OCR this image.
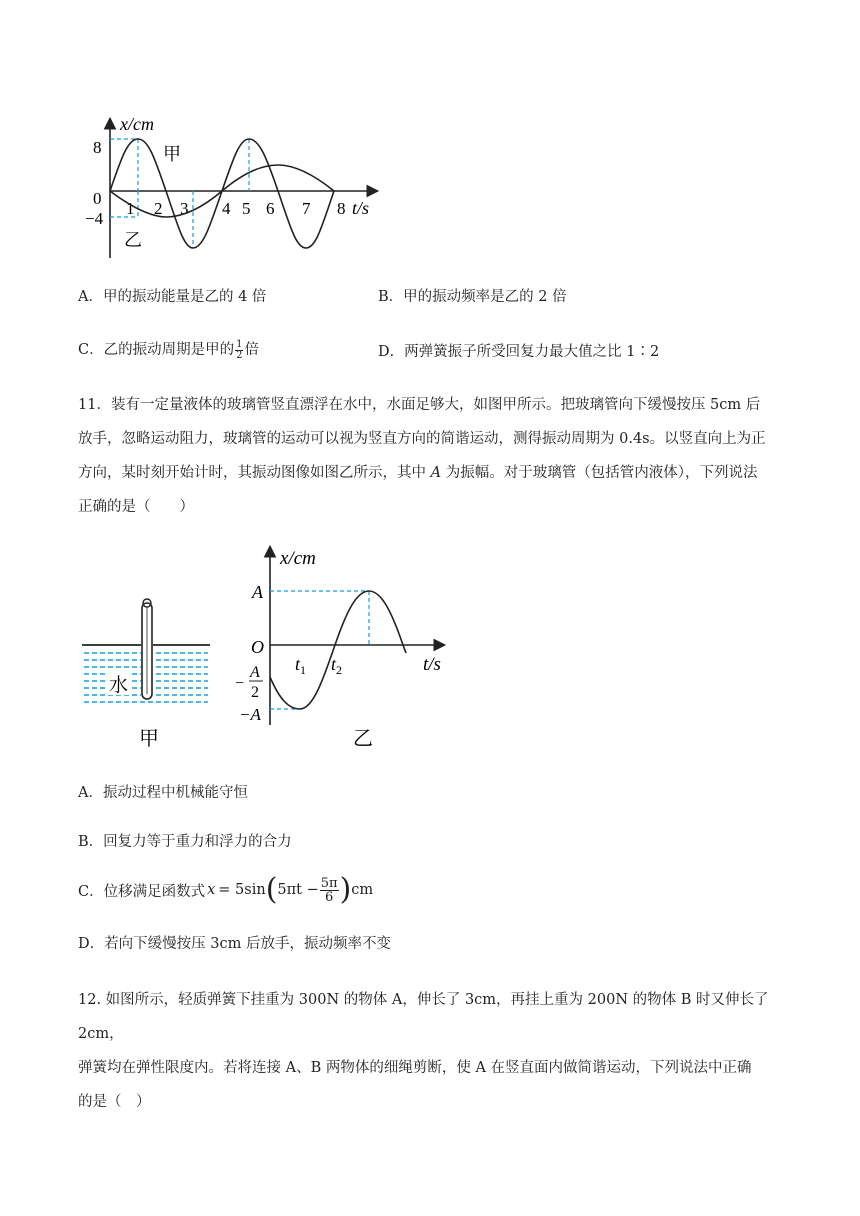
x/cm
t/s
8
0
−4
1 2 3 4 5 6 7 8
甲
乙
A．甲的振动能量是乙的 4 倍	B．甲的振动频率是乙的 2 倍
C．乙的振动周期是甲的 $\frac{1}{2}$ 倍	D．两弹簧振子所受回复力最大值之比 1∶2
11．装有一定量液体的玻璃管竖直漂浮在水中，水面足够大，如图甲所示。把玻璃管向下缓慢按压 5cm 后
放手，忽略运动阻力，玻璃管的运动可以视为竖直方向的简谐运动，测得振动周期为 0.4s。以竖直向上为正
方向，某时刻开始计时，其振动图像如图乙所示，其中 A 为振幅。对于玻璃管（包括管内液体），下列说法
正确的是（　　）
水
甲
x/cm
t/s
O
A
−
A
2
−A
$t_1$ $t_2$
乙
A．振动过程中机械能守恒
B．回复力等于重力和浮力的合力
C．位移满足函数式 x = 5sin ( $5\pi t - \frac{5\pi}{6}$ ) cm
D．若向下缓慢按压 3cm 后放手，振动频率不变
12. 如图所示，轻质弹簧下挂重为 300N 的物体 A，伸长了 3cm，再挂上重为 200N 的物体 B 时又伸长了 2cm，
弹簧均在弹性限度内。若将连接 A、B 两物体的细绳剪断，使 A 在竖直面内做简谐运动，下列说法中正确
的是（　）
